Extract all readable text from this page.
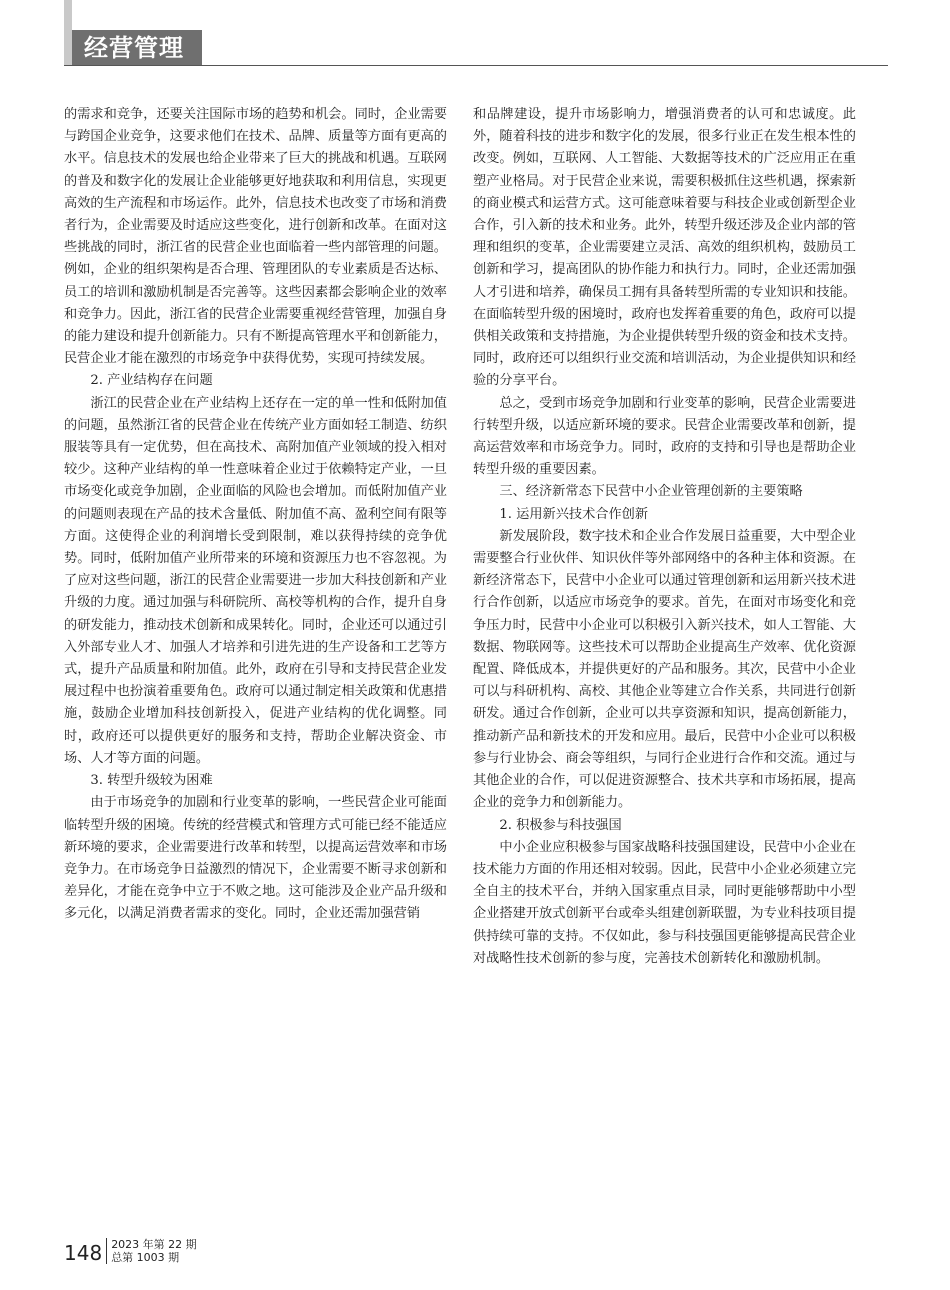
经营管理

的需求和竞争，还要关注国际市场的趋势和机会。同时，企业需要与跨国企业竞争，这要求他们在技术、品牌、质量等方面有更高的水平。信息技术的发展也给企业带来了巨大的挑战和机遇。互联网的普及和数字化的发展让企业能够更好地获取和利用信息，实现更高效的生产流程和市场运作。此外，信息技术也改变了市场和消费者行为，企业需要及时适应这些变化，进行创新和改革。在面对这些挑战的同时，浙江省的民营企业也面临着一些内部管理的问题。例如，企业的组织架构是否合理、管理团队的专业素质是否达标、员工的培训和激励机制是否完善等。这些因素都会影响企业的效率和竞争力。因此，浙江省的民营企业需要重视经营管理，加强自身的能力建设和提升创新能力。只有不断提高管理水平和创新能力，民营企业才能在激烈的市场竞争中获得优势，实现可持续发展。

2. 产业结构存在问题

浙江的民营企业在产业结构上还存在一定的单一性和低附加值的问题，虽然浙江省的民营企业在传统产业方面如轻工制造、纺织服装等具有一定优势，但在高技术、高附加值产业领域的投入相对较少。这种产业结构的单一性意味着企业过于依赖特定产业，一旦市场变化或竞争加剧，企业面临的风险也会增加。而低附加值产业的问题则表现在产品的技术含量低、附加值不高、盈利空间有限等方面。这使得企业的利润增长受到限制，难以获得持续的竞争优势。同时，低附加值产业所带来的环境和资源压力也不容忽视。为了应对这些问题，浙江的民营企业需要进一步加大科技创新和产业升级的力度。通过加强与科研院所、高校等机构的合作，提升自身的研发能力，推动技术创新和成果转化。同时，企业还可以通过引入外部专业人才、加强人才培养和引进先进的生产设备和工艺等方式，提升产品质量和附加值。此外，政府在引导和支持民营企业发展过程中也扮演着重要角色。政府可以通过制定相关政策和优惠措施，鼓励企业增加科技创新投入，促进产业结构的优化调整。同时，政府还可以提供更好的服务和支持，帮助企业解决资金、市场、人才等方面的问题。

3. 转型升级较为困难

由于市场竞争的加剧和行业变革的影响，一些民营企业可能面临转型升级的困境。传统的经营模式和管理方式可能已经不能适应新环境的要求，企业需要进行改革和转型，以提高运营效率和市场竞争力。在市场竞争日益激烈的情况下，企业需要不断寻求创新和差异化，才能在竞争中立于不败之地。这可能涉及企业产品升级和多元化，以满足消费者需求的变化。同时，企业还需加强营销

和品牌建设，提升市场影响力，增强消费者的认可和忠诚度。此外，随着科技的进步和数字化的发展，很多行业正在发生根本性的改变。例如，互联网、人工智能、大数据等技术的广泛应用正在重塑产业格局。对于民营企业来说，需要积极抓住这些机遇，探索新的商业模式和运营方式。这可能意味着要与科技企业或创新型企业合作，引入新的技术和业务。此外，转型升级还涉及企业内部的管理和组织的变革，企业需要建立灵活、高效的组织机构，鼓励员工创新和学习，提高团队的协作能力和执行力。同时，企业还需加强人才引进和培养，确保员工拥有具备转型所需的专业知识和技能。在面临转型升级的困境时，政府也发挥着重要的角色，政府可以提供相关政策和支持措施，为企业提供转型升级的资金和技术支持。同时，政府还可以组织行业交流和培训活动，为企业提供知识和经验的分享平台。

总之，受到市场竞争加剧和行业变革的影响，民营企业需要进行转型升级，以适应新环境的要求。民营企业需要改革和创新，提高运营效率和市场竞争力。同时，政府的支持和引导也是帮助企业转型升级的重要因素。

三、经济新常态下民营中小企业管理创新的主要策略

1. 运用新兴技术合作创新

新发展阶段，数字技术和企业合作发展日益重要，大中型企业需要整合行业伙伴、知识伙伴等外部网络中的各种主体和资源。在新经济常态下，民营中小企业可以通过管理创新和运用新兴技术进行合作创新，以适应市场竞争的要求。首先，在面对市场变化和竞争压力时，民营中小企业可以积极引入新兴技术，如人工智能、大数据、物联网等。这些技术可以帮助企业提高生产效率、优化资源配置、降低成本，并提供更好的产品和服务。其次，民营中小企业可以与科研机构、高校、其他企业等建立合作关系，共同进行创新研发。通过合作创新，企业可以共享资源和知识，提高创新能力，推动新产品和新技术的开发和应用。最后，民营中小企业可以积极参与行业协会、商会等组织，与同行企业进行合作和交流。通过与其他企业的合作，可以促进资源整合、技术共享和市场拓展，提高企业的竞争力和创新能力。

2. 积极参与科技强国

中小企业应积极参与国家战略科技强国建设，民营中小企业在技术能力方面的作用还相对较弱。因此，民营中小企业必须建立完全自主的技术平台，并纳入国家重点目录，同时更能够帮助中小型企业搭建开放式创新平台或牵头组建创新联盟，为专业科技项目提供持续可靠的支持。不仅如此，参与科技强国更能够提高民营企业对战略性技术创新的参与度，完善技术创新转化和激励机制。

148 2023 年第 22 期
总第 1003 期
